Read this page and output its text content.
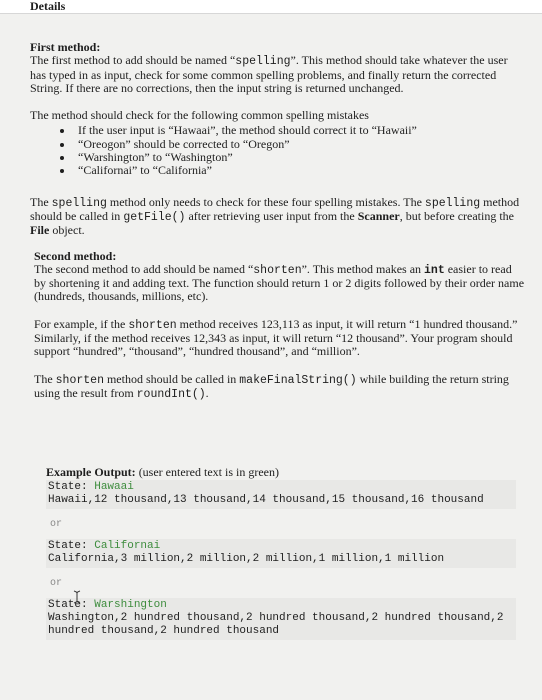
Details

First method:
The first method to add should be named “spelling”. This method should take whatever the user has typed in as input, check for some common spelling problems, and finally return the corrected String. If there are no corrections, then the input string is returned unchanged.

The method should check for the following common spelling mistakes

• If the user input is “Hawaai”, the method should correct it to “Hawaii”
• “Oreogon” should be corrected to “Oregon”
• “Warshington” to “Washington”
• “Californai” to “California”

The spelling method only needs to check for these four spelling mistakes. The spelling method should be called in getFile() after retrieving user input from the Scanner, but before creating the File object.

Second method:
The second method to add should be named “shorten”. This method makes an int easier to read by shortening it and adding text. The function should return 1 or 2 digits followed by their order name (hundreds, thousands, millions, etc).

For example, if the shorten method receives 123,113 as input, it will return “1 hundred thousand.” Similarly, if the method receives 12,343 as input, it will return “12 thousand”. Your program should support “hundred”, “thousand”, “hundred thousand”, and “million”.

The shorten method should be called in makeFinalString() while building the return string using the result from roundInt().

Example Output: (user entered text is in green)
State: Hawaai
Hawaii,12 thousand,13 thousand,14 thousand,15 thousand,16 thousand
or
State: Californai
California,3 million,2 million,2 million,1 million,1 million
or
State: Warshington
Washington,2 hundred thousand,2 hundred thousand,2 hundred thousand,2 hundred thousand,2 hundred thousand
